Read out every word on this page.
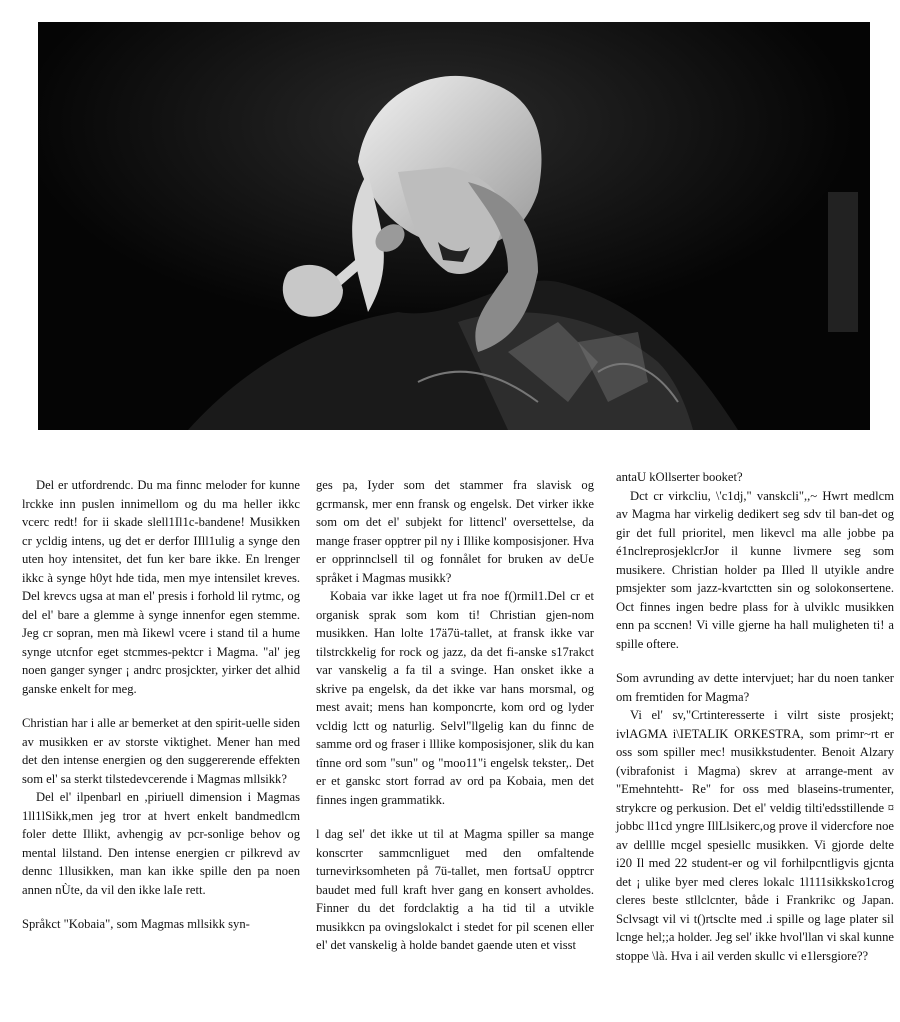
Del er utfordrendc. Du ma finnc meloder for kunne lrckke inn puslen innimellom og du ma heller ikkc vcerc redt! for ii skade slell1Il1c-bandene! Musikken cr ycldig intens, ug det er derfor IIll1ulig a synge den uten hoy intensitet, det fun ker bare ikke. En lrenger ikkc à synge h0yt hde tida, men mye intensilet kreves. Del krevcs ugsa at man el' presis i forhold lil rytmc, og del el' bare a glemme à synge innenfor egen stemme. Jeg cr sopran, men mà Iikewl vcere i stand til a hume synge utcnfor eget stcmmes-pektcr i Magma. "al' jeg noen ganger synger ¡ andrc prosjckter, yirker det alhid ganske enkelt for meg.

Christian har i alle ar bemerket at den spirit-uelle siden av musikken er av storste viktighet. Mener han med det den intense energien og den suggererende effekten som el' sa sterkt tilstedevcerende i Magmas mllsikk?

Del el' ilpenbarl en ,piriuell dimension i Magmas 1ll1lSikk,men jeg tror at hvert enkelt bandmedlcm foler dette Illikt, avhengig av pcr-sonlige behov og mental lilstand. Den intense energien cr pilkrevd av dennc 1llusikken, man kan ikke spille den pa noen annen nÙte, da vil den ikke laIe rett.

Språkct "Kobaia", som Magmas mllsikk syn-

ges pa, Iyder som det stammer fra slavisk og gcrmansk, mer enn fransk og engelsk. Det virker ikke som om det el' subjekt for littencl' oversettelse, da mange fraser opptrer pil ny i Illike komposisjoner. Hva er opprinnclsell til og fonnålet for bruken av deUe språket i Magmas musikk?

Kobaia var ikke laget ut fra noe f()rmil1.Del cr et organisk sprak som kom ti! Christian gjen-nom musikken. Han lolte 17ä7ü-tallet, at fransk ikke var tilstrckkelig for rock og jazz, da det fi-anske s17rakct var vanskelig a fa til a svinge. Han onsket ikke a skrive pa engelsk, da det ikke var hans morsmal, og mest avait; mens han komponcrte, kom ord og lyder vcldig lctt og naturlig. Selvl"llgelig kan du finnc de samme ord og fraser i lllike komposisjoner, slik du kan tînne ord som "sun" og "moo11"i engelsk tekster,. Det er et ganskc stort forrad av ord pa Kobaia, men det finnes ingen grammatikk.

l dag sel' det ikke ut til at Magma spiller sa mange konscrter sammcnliguet med den omfaltende turnevirksomheten på 7ü-tallet, men fortsaU opptrcr baudet med full kraft hver gang en konsert avholdes. Finner du det fordclaktig a ha tid til a utvikle musikkcn pa ovingslokalct i stedet for pil scenen eller el' det vanskelig à holde bandet gaende uten et visst

antaU kOllserter booket?

Dct cr virkcliu, \'c1dj," vanskcli",,~ Hwrt medlcm av Magma har virkelig dedikert seg sdv til ban-det og gir det full prioritel, men likevcl ma alle jobbe pa é1nclreprosjeklcrJor il kunne livmere seg som musikere. Christian holder pa Illed ll utyikle andre pmsjekter som jazz-kvartctten sin og solokonsertene. Oct finnes ingen bedre plass for à ulviklc musikken enn pa sccnen! Vi ville gjerne ha hall muligheten ti! a spille oftere.

Som avrunding av dette intervjuet; har du noen tanker om fremtiden for Magma?

Vi el' sv,"Crtinteresserte i vilrt siste prosjekt; ivlAGMA i\IETALIK ORKESTRA, som primr~rt er oss som spiller mec! musikkstudenter. Benoit Alzary (vibrafonist i Magma) skrev at arrange-ment av "Emehntehtt- Re" for oss med blaseins-trumenter, strykcre og perkusion. Det el' veldig tilti'edsstillende ¤ jobbc ll1cd yngre IllLlsikerc,og prove il vidercfore noe av delllle mcgel spesiellc musikken. Vi gjorde delte i20 Il med 22 student-er og vil forhilpcntligvis gjcnta det ¡ ulike byer med cleres lokalc 1l111sikksko1crog cleres beste stllclcnter, både i Frankrikc og Japan. Sclvsagt vil vi t()rtsclte med .i spille og lage plater sil lcnge hel;;a holder. Jeg sel' ikke hvol'llan vi skal kunne stoppe \là. Hva i ail verden skullc vi e1lersgiore??
